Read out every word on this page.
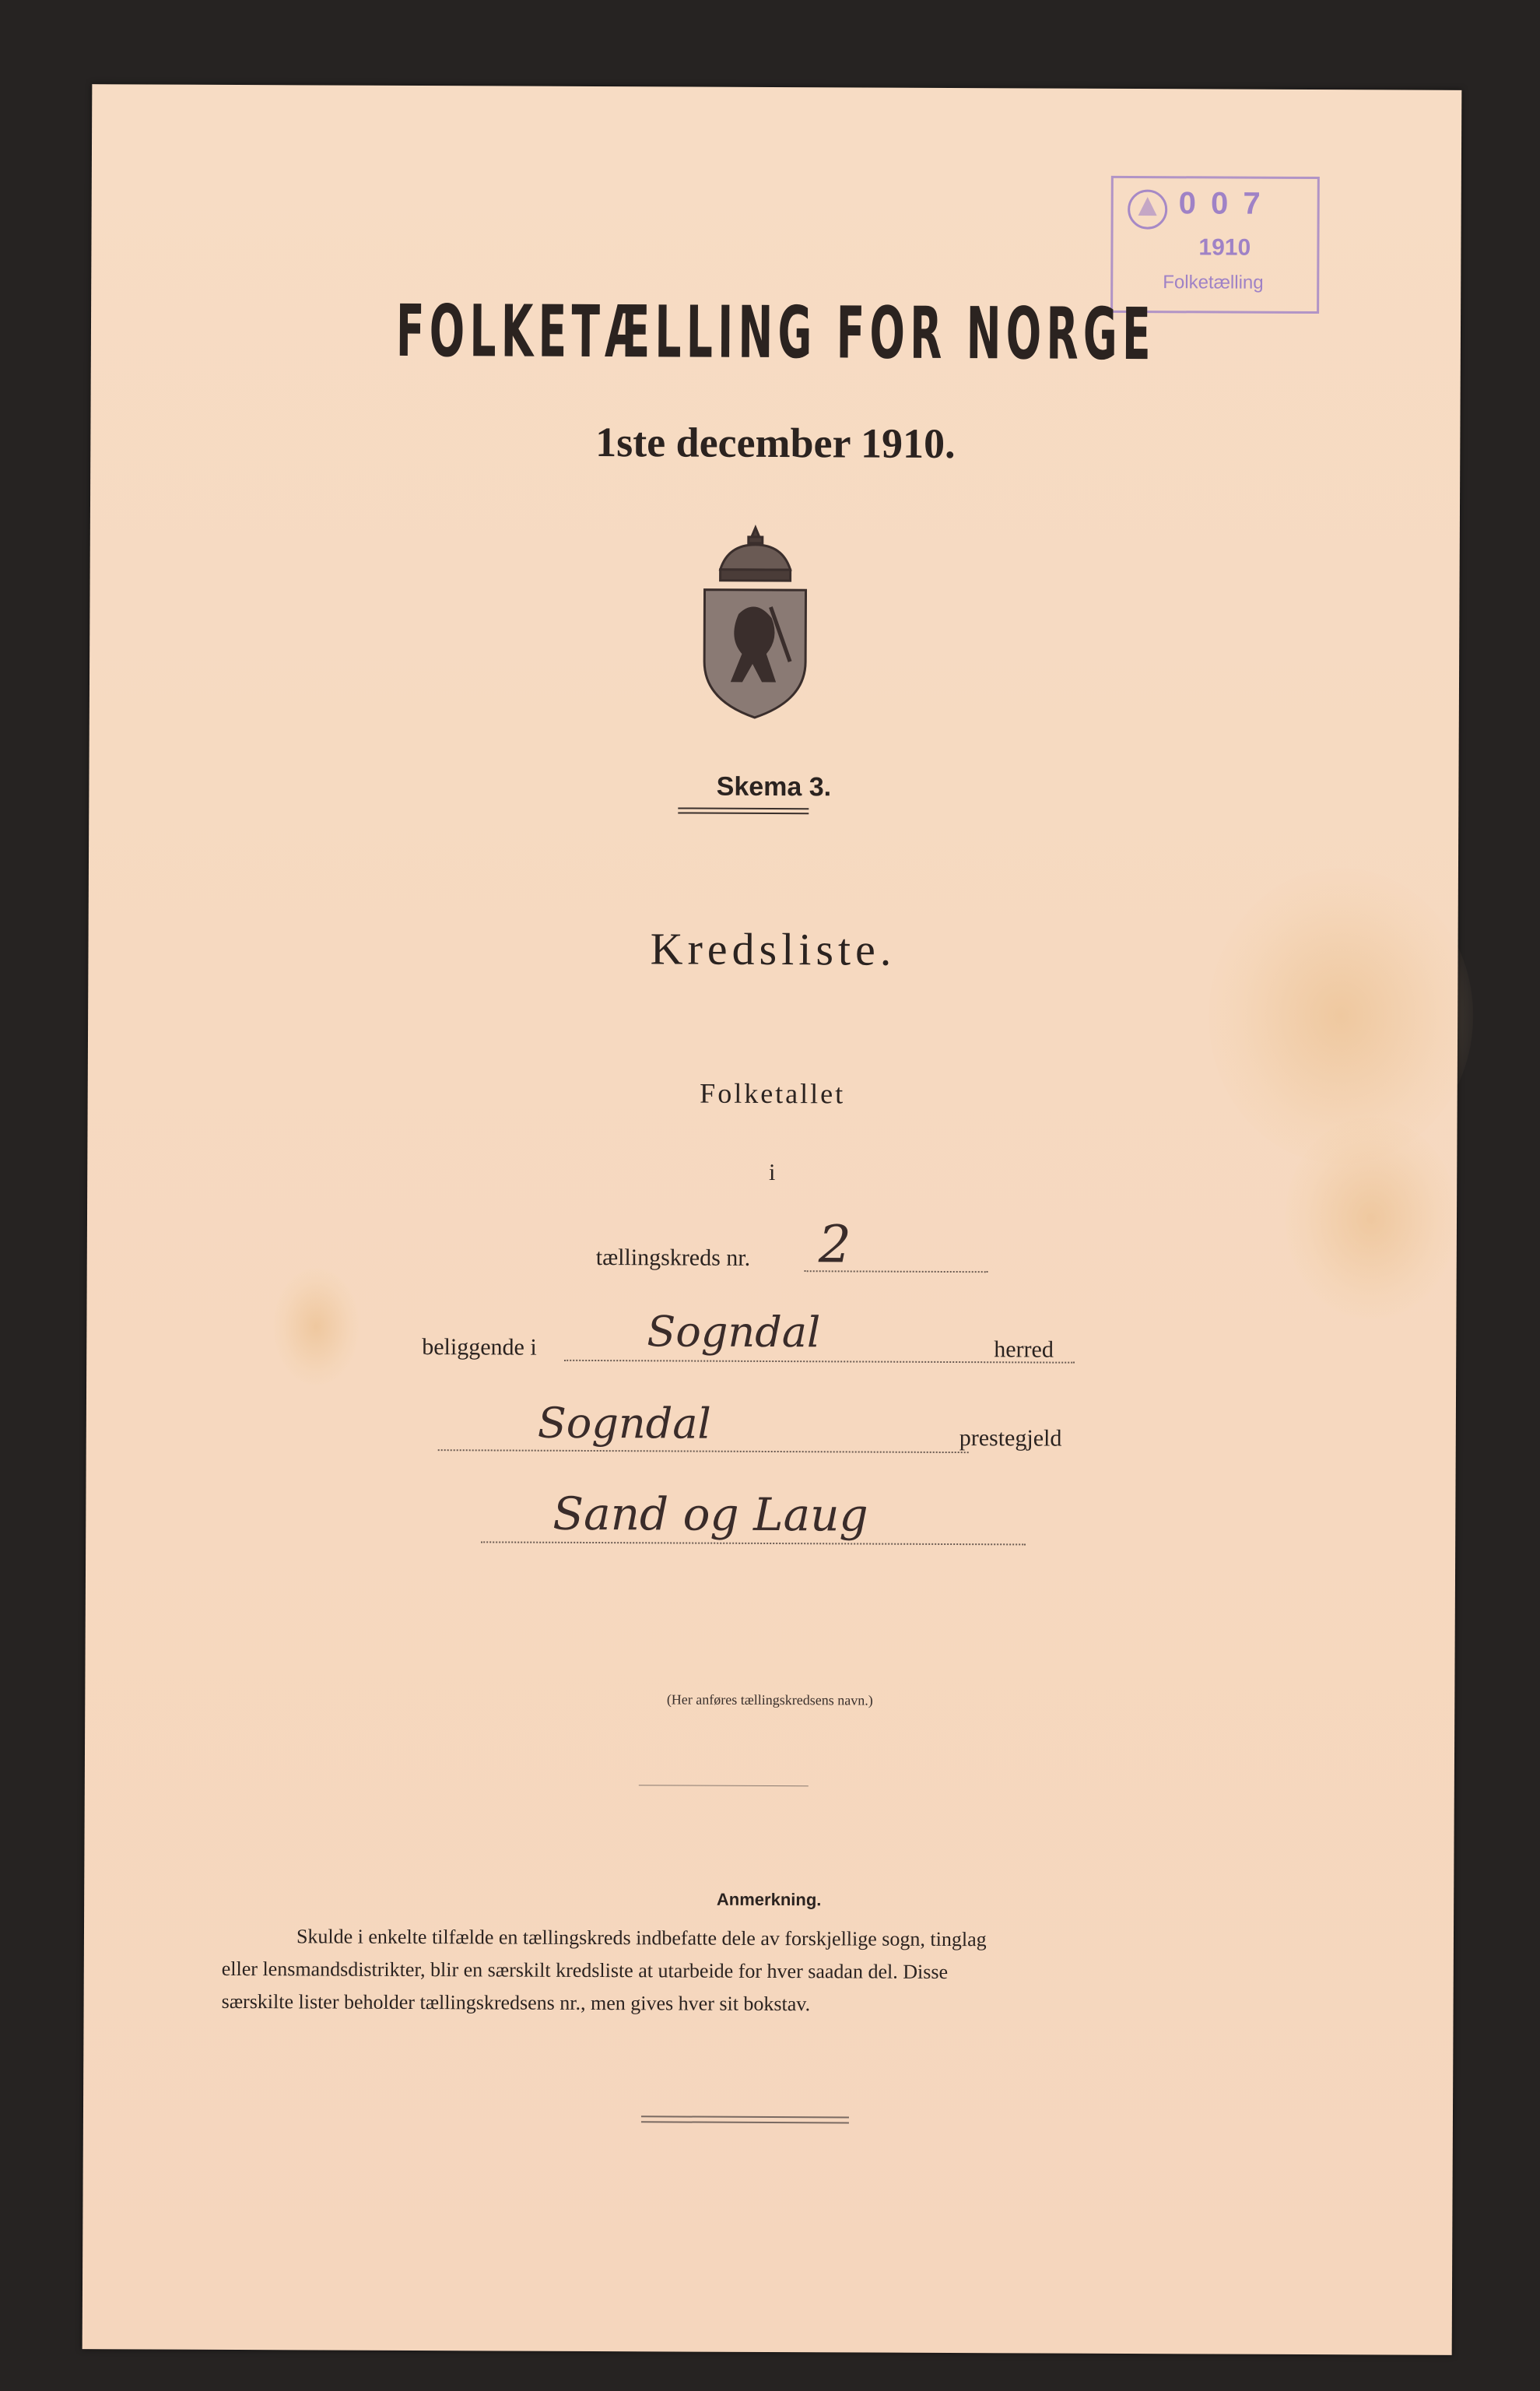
0 0 7
1910
Folketælling
FOLKETÆLLING FOR NORGE
1ste december 1910.
Skema 3.
Kredsliste.
Folketallet
i
tællingskreds nr. 2
beliggende i	Sogndal	herred
Sogndal	prestegjeld
Sand og Laug
(Her anføres tællingskredsens navn.)
Anmerkning.
Skulde i enkelte tilfælde en tællingskreds indbefatte dele av forskjellige sogn, tinglag
eller lensmandsdistrikter, blir en særskilt kredsliste at utarbeide for hver saadan del. Disse
særskilte lister beholder tællingskredsens nr., men gives hver sit bokstav.
